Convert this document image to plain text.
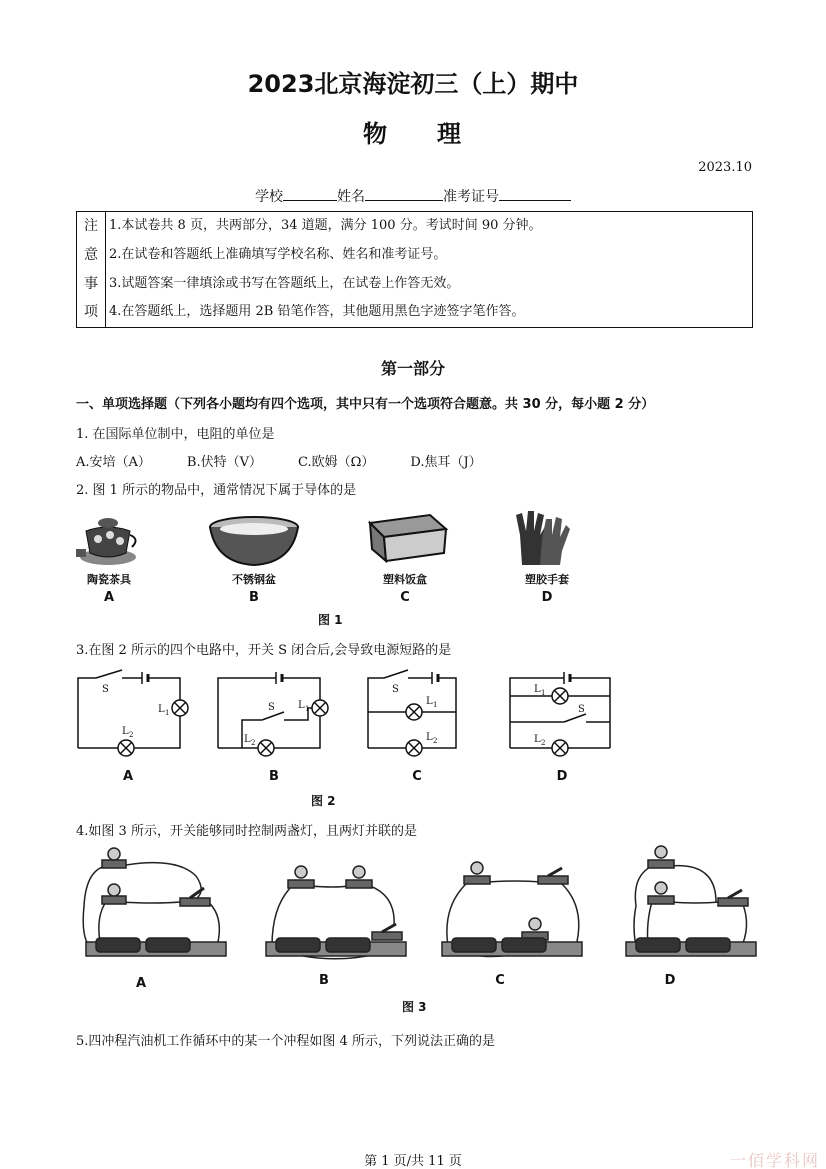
2023北京海淀初三（上）期中
物 理
2023.10
学校	姓名	准考证号
注
意
事
项
1.本试卷共 8 页，共两部分，34 道题，满分 100 分。考试时间 90 分钟。
2.在试卷和答题纸上准确填写学校名称、姓名和准考证号。
3.试题答案一律填涂或书写在答题纸上，在试卷上作答无效。
4.在答题纸上，选择题用 2B 铅笔作答，其他题用黑色字迹签字笔作答。
第一部分
一、单项选择题（下列各小题均有四个选项，其中只有一个选项符合题意。共 30 分，每小题 2 分）
1. 在国际单位制中，电阻的单位是
A.安培（A）	B.伏特（V）	C.欧姆（Ω）	D.焦耳（J）
2. 图 1 所示的物品中，通常情况下属于导体的是
陶瓷茶具	不锈钢盆	塑料饭盒	塑胶手套
A	B	C	D
图 1
3.在图 2 所示的四个电路中，开关 S 闭合后,会导致电源短路的是
S
L 1
L 2
S L 1
L 2
S
L 1
L 2
L 1
S
L 2
A	B	C	D
图 2
4.如图 3 所示，开关能够同时控制两盏灯，且两灯并联的是
A	B	C	D
图 3
5.四冲程汽油机工作循环中的某一个冲程如图 4 所示，下列说法正确的是
第 1 页/共 11 页	一佰学科网
